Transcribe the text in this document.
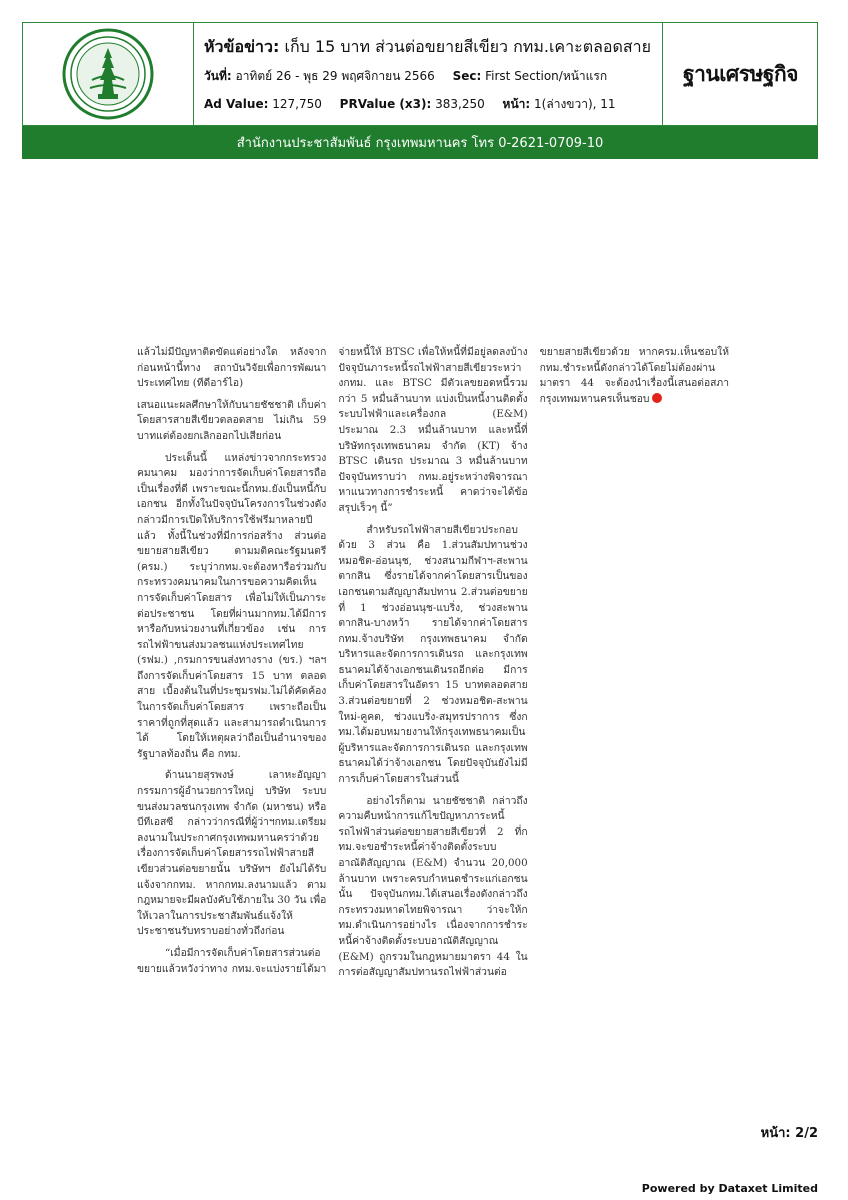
หัวข้อข่าว: เก็บ 15 บาท ส่วนต่อขยายสีเขียว กทม.เคาะตลอดสาย
วันที่: อาทิตย์ 26 - พุธ 29 พฤศจิกายน 2566 Sec: First Section/หน้าแรก
Ad Value: 127,750 PRValue (x3): 383,250 หน้า: 1(ล่างขวา), 11
ฐานเศรษฐกิจ
สำนักงานประชาสัมพันธ์ กรุงเทพมหานคร โทร 0-2621-0709-10

แล้วไม่มีปัญหาติดขัดแต่อย่างใด หลังจากก่อนหน้านี้ทาง สถาบันวิจัยเพื่อการพัฒนาประเทศไทย (ทีดีอาร์ไอ)

เสนอแนะผลศึกษาให้กับนายชัชชาติ เก็บค่าโดยสารสายสีเขียวตลอดสาย ไม่เกิน 59 บาทแต่ต้องยกเลิกออกไปเสียก่อน

ประเด็นนี้ แหล่งข่าวจากกระทรวงคมนาคม มองว่าการจัดเก็บค่าโดยสารถือเป็นเรื่องที่ดี เพราะขณะนี้กทม.ยังเป็นหนี้กับเอกชน อีกทั้งในปัจจุบันโครงการในช่วงดังกล่าวมีการเปิดให้บริการใช้ฟรีมาหลายปีแล้ว ทั้งนี้ในช่วงที่มีการก่อสร้าง ส่วนต่อขยายสายสีเขียว ตามมติคณะรัฐมนตรี (ครม.) ระบุว่ากทม.จะต้องหารือร่วมกับกระทรวงคมนาคมในการขอความคิดเห็นการจัดเก็บค่าโดยสาร เพื่อไม่ให้เป็นภาระต่อประชาชน โดยที่ผ่านมากทม.ได้มีการหารือกับหน่วยงานที่เกี่ยวข้อง เช่น การรถไฟฟ้าขนส่งมวลชนแห่งประเทศไทย (รฟม.) ,กรมการขนส่งทางราง (ขร.) ฯลฯ ถึงการจัดเก็บค่าโดยสาร 15 บาท ตลอดสาย เบื้องต้นในที่ประชุมรฟม.ไม่ได้คัดค้องในการจัดเก็บค่าโดยสาร เพราะถือเป็นราคาที่ถูกที่สุดแล้ว และสามารถดำเนินการได้ โดยให้เหตุผลว่าถือเป็นอำนาจของรัฐบาลท้องถิ่น คือ กทม.

ด้านนายสุรพงษ์ เลาหะอัญญา กรรมการผู้อำนวยการใหญ่ บริษัท ระบบขนส่งมวลชนกรุงเทพ จำกัด (มหาชน) หรือบีทีเอสซี กล่าวว่ากรณีที่ผู้ว่าฯกทม.เตรียมลงนามในประกาศกรุงเทพมหานครว่าด้วยเรื่องการจัดเก็บค่าโดยสารรถไฟฟ้าสายสีเขียวส่วนต่อขยายนั้น บริษัทฯ ยังไม่ได้รับแจ้งจากกทม. หากกทม.ลงนามแล้ว ตามกฎหมายจะมีผลบังคับใช้ภายใน 30 วัน เพื่อให้เวลาในการประชาสัมพันธ์แจ้งให้ประชาชนรับทราบอย่างทั่วถึงก่อน

“เมื่อมีการจัดเก็บค่าโดยสารส่วนต่อขยายแล้วหวังว่าทาง กทม.จะแบ่งรายได้มาจ่ายหนี้ให้ BTSC เพื่อให้หนี้ที่มีอยู่ลดลงบ้าง ปัจจุบันภาระหนี้รถไฟฟ้าสายสีเขียวระหว่างกทม. และ BTSC มีตัวเลขยอดหนี้รวมกว่า 5 หมื่นล้านบาท แบ่งเป็นหนี้งานติดตั้งระบบไฟฟ้าและเครื่องกล (E&M) ประมาณ 2.3 หมื่นล้านบาท และหนี้ที่บริษัทกรุงเทพธนาคม จำกัด (KT) จ้าง BTSC เดินรถ ประมาณ 3 หมื่นล้านบาท ปัจจุบันทราบว่า กทม.อยู่ระหว่างพิจารณาหาแนวทางการชำระหนี้ คาดว่าจะได้ข้อสรุปเร็วๆ นี้”

สำหรับรถไฟฟ้าสายสีเขียวประกอบด้วย 3 ส่วน คือ 1.ส่วนสัมปทานช่วงหมอชิต-อ่อนนุช, ช่วงสนามกีฬาฯ-สะพานตากสิน ซึ่งรายได้จากค่าโดยสารเป็นของเอกชนตามสัญญาสัมปทาน 2.ส่วนต่อขยายที่ 1 ช่วงอ่อนนุช-แบริ่ง, ช่วงสะพานตากสิน-บางหว้า รายได้จากค่าโดยสาร กทม.จ้างบริษัท กรุงเทพธนาคม จำกัด บริหารและจัดการการเดินรถ และกรุงเทพธนาคมได้จ้างเอกชนเดินรถอีกต่อ มีการเก็บค่าโดยสารในอัตรา 15 บาทตลอดสาย 3.ส่วนต่อขยายที่ 2 ช่วงหมอชิต-สะพานใหม่-คูคต, ช่วงแบริ่ง-สมุทรปราการ ซึ่งกทม.ได้มอบหมายงานให้กรุงเทพธนาคมเป็นผู้บริหารและจัดการการเดินรถ และกรุงเทพธนาคมได้ว่าจ้างเอกชน โดยปัจจุบันยังไม่มีการเก็บค่าโดยสารในส่วนนี้

อย่างไรก็ตาม นายชัชชาติ กล่าวถึงความคืบหน้าการแก้ไขปัญหาภาระหนี้รถไฟฟ้าส่วนต่อขยายสายสีเขียวที่ 2 ที่กทม.จะขอชำระหนี้ค่าจ้างติดตั้งระบบอาณัติสัญญาณ (E&M) จำนวน 20,000 ล้านบาท เพราะครบกำหนดชำระแก่เอกชนนั้น ปัจจุบันกทม.ได้เสนอเรื่องดังกล่าวถึงกระทรวงมหาดไทยพิจารณา ว่าจะให้กทม.ดำเนินการอย่างไร เนื่องจากการชำระหนี้ค่าจ้างติดตั้งระบบอาณัติสัญญาณ (E&M) ถูกรวมในกฎหมายมาตรา 44 ในการต่อสัญญาสัมปทานรถไฟฟ้าส่วนต่อขยายสายสีเขียวด้วย หากครม.เห็นชอบให้กทม.ชำระหนี้ดังกล่าวได้โดยไม่ต้องผ่านมาตรา 44 จะต้องนำเรื่องนี้เสนอต่อสภากรุงเทพมหานครเห็นชอบ

หน้า: 2/2
Powered by Dataxet Limited
